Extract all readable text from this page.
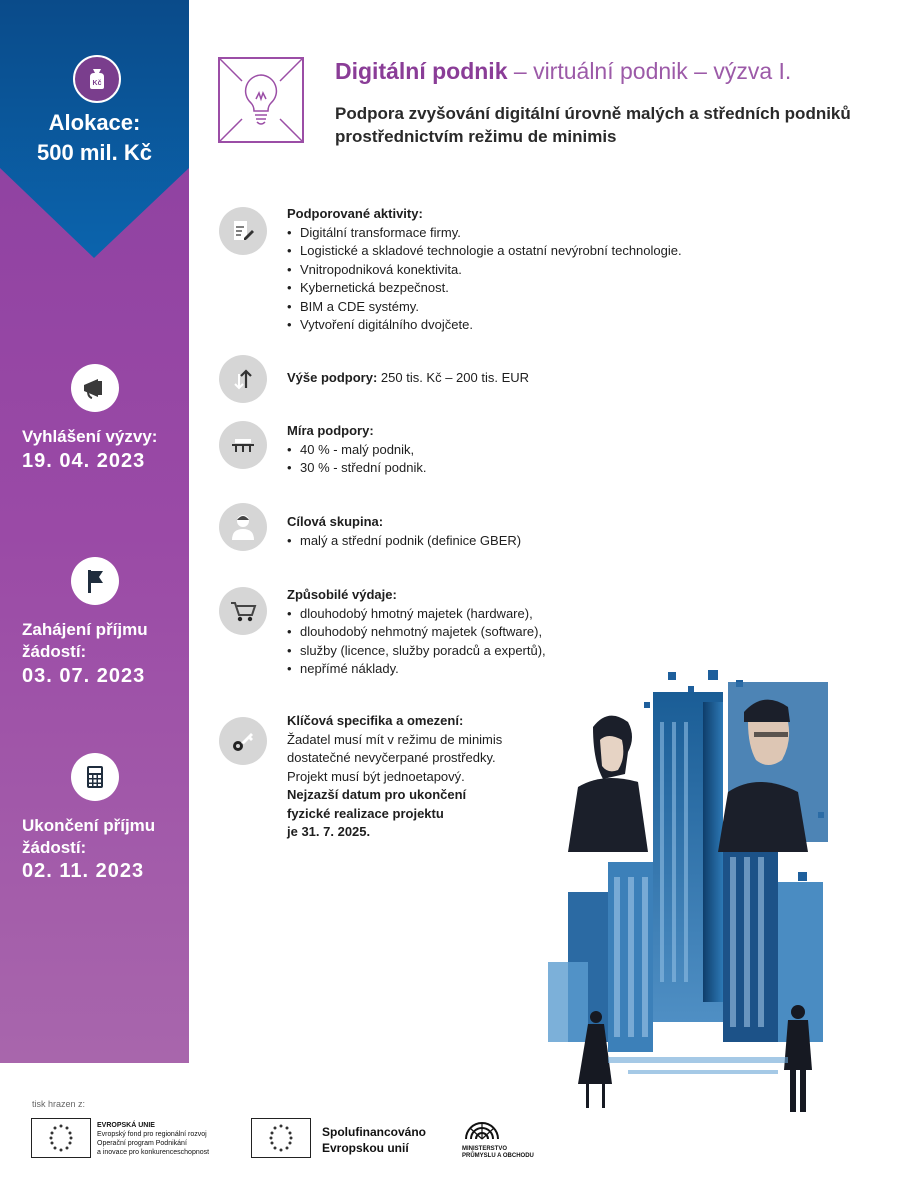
Kč
Alokace:
500 mil. Kč
Vyhlášení výzvy:
19. 04. 2023
Zahájení příjmu
žádostí:
03. 07. 2023
Ukončení příjmu
žádostí:
02. 11. 2023
Digitální podnik – virtuální podnik – výzva I.
Podpora zvyšování digitální úrovně malých a středních podniků prostřednictvím režimu de minimis
Podporované aktivity:
• Digitální transformace firmy.
• Logistické a skladové technologie a ostatní nevýrobní technologie.
• Vnitropodniková konektivita.
• Kybernetická bezpečnost.
• BIM a CDE systémy.
• Vytvoření digitálního dvojčete.
Výše podpory: 250 tis. Kč – 200 tis. EUR
Míra podpory:
• 40 % - malý podnik,
• 30 % - střední podnik.
Cílová skupina:
• malý a střední podnik (definice GBER)
Způsobilé výdaje:
• dlouhodobý hmotný majetek (hardware),
• dlouhodobý nehmotný majetek (software),
• služby (licence, služby poradců a expertů),
• nepřímé náklady.
Klíčová specifika a omezení:
Žadatel musí mít v režimu de minimis
dostatečné nevyčerpané prostředky.
Projekt musí být jednoetapový.
Nejzazší datum pro ukončení
fyzické realizace projektu
je 31. 7. 2025.
tisk hrazen z:
EVROPSKÁ UNIE
Evropský fond pro regionální rozvoj
Operační program Podnikání
a inovace pro konkurenceschopnost
Spolufinancováno
Evropskou unií	MINISTERSTVO
PRŮMYSLU A OBCHODU
